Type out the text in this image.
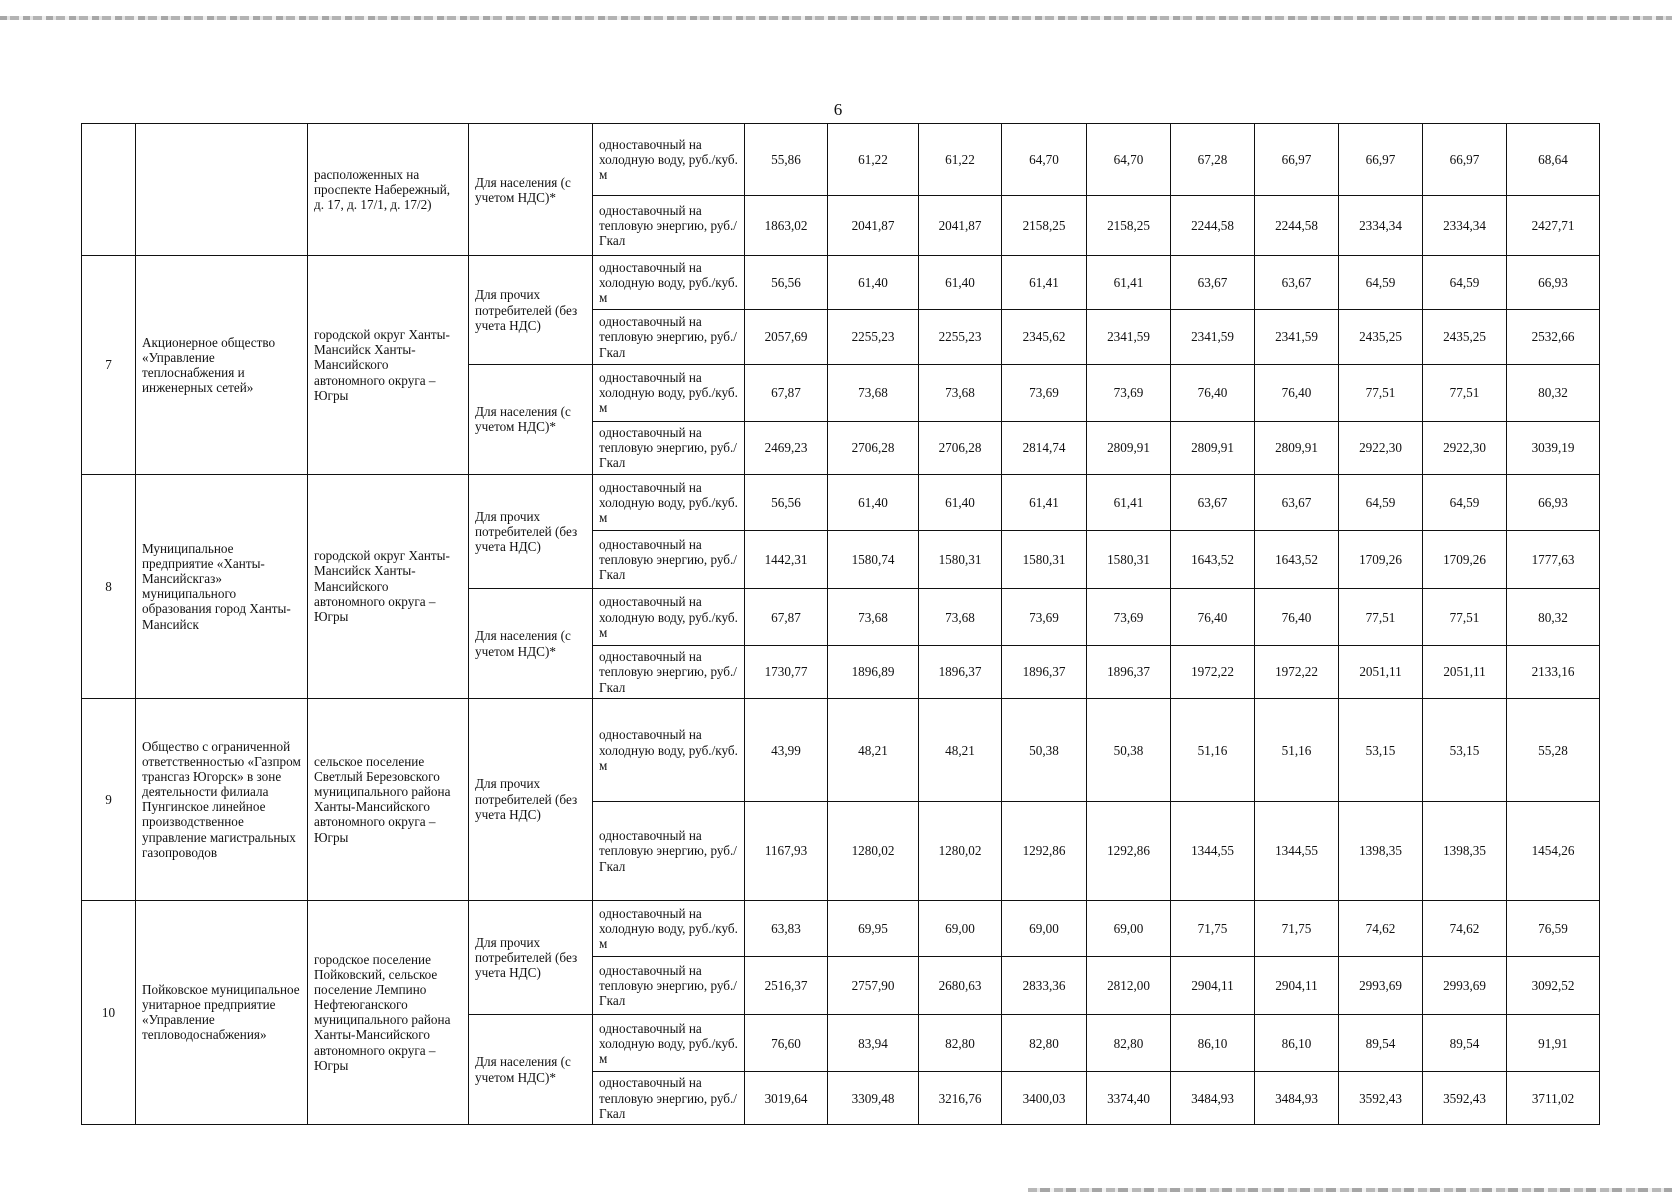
6
		расположенных на проспекте Набережный, д. 17, д. 17/1, д. 17/2)	Для населения (с учетом НДС)*	одноставочный на холодную воду, руб./куб. м	55,86	61,22	61,22	64,70	64,70	67,28	66,97	66,97	66,97	68,64
				одноставочный на тепловую энергию, руб./ Гкал	1863,02	2041,87	2041,87	2158,25	2158,25	2244,58	2244,58	2334,34	2334,34	2427,71
7	Акционерное общество «Управление теплоснабжения и инженерных сетей»	городской округ Ханты-Мансийск Ханты-Мансийского автономного округа – Югры	Для прочих потребителей (без учета НДС)	одноставочный на холодную воду, руб./куб. м	56,56	61,40	61,40	61,41	61,41	63,67	63,67	64,59	64,59	66,93
				одноставочный на тепловую энергию, руб./ Гкал	2057,69	2255,23	2255,23	2345,62	2341,59	2341,59	2341,59	2435,25	2435,25	2532,66
			Для населения (с учетом НДС)*	одноставочный на холодную воду, руб./куб. м	67,87	73,68	73,68	73,69	73,69	76,40	76,40	77,51	77,51	80,32
				одноставочный на тепловую энергию, руб./ Гкал	2469,23	2706,28	2706,28	2814,74	2809,91	2809,91	2809,91	2922,30	2922,30	3039,19
8	Муниципальное предприятие «Ханты-Мансийскгаз» муниципального образования город Ханты-Мансийск	городской округ Ханты-Мансийск Ханты-Мансийского автономного округа – Югры	Для прочих потребителей (без учета НДС)	одноставочный на холодную воду, руб./куб. м	56,56	61,40	61,40	61,41	61,41	63,67	63,67	64,59	64,59	66,93
				одноставочный на тепловую энергию, руб./ Гкал	1442,31	1580,74	1580,31	1580,31	1580,31	1643,52	1643,52	1709,26	1709,26	1777,63
			Для населения (с учетом НДС)*	одноставочный на холодную воду, руб./куб. м	67,87	73,68	73,68	73,69	73,69	76,40	76,40	77,51	77,51	80,32
				одноставочный на тепловую энергию, руб./ Гкал	1730,77	1896,89	1896,37	1896,37	1896,37	1972,22	1972,22	2051,11	2051,11	2133,16
9	Общество с ограниченной ответственностью «Газпром трансгаз Югорск» в зоне деятельности филиала Пунгинское линейное производственное управление магистральных газопроводов	сельское поселение Светлый Березовского муниципального района Ханты-Мансийского автономного округа – Югры	Для прочих потребителей (без учета НДС)	одноставочный на холодную воду, руб./куб. м	43,99	48,21	48,21	50,38	50,38	51,16	51,16	53,15	53,15	55,28
				одноставочный на тепловую энергию, руб./ Гкал	1167,93	1280,02	1280,02	1292,86	1292,86	1344,55	1344,55	1398,35	1398,35	1454,26
10	Пойковское муниципальное унитарное предприятие «Управление тепловодоснабжения»	городское поселение Пойковский, сельское поселение Лемпино Нефтеюганского муниципального района Ханты-Мансийского автономного округа – Югры	Для прочих потребителей (без учета НДС)	одноставочный на холодную воду, руб./куб. м	63,83	69,95	69,00	69,00	69,00	71,75	71,75	74,62	74,62	76,59
				одноставочный на тепловую энергию, руб./ Гкал	2516,37	2757,90	2680,63	2833,36	2812,00	2904,11	2904,11	2993,69	2993,69	3092,52
			Для населения (с учетом НДС)*	одноставочный на холодную воду, руб./куб. м	76,60	83,94	82,80	82,80	82,80	86,10	86,10	89,54	89,54	91,91
				одноставочный на тепловую энергию, руб./ Гкал	3019,64	3309,48	3216,76	3400,03	3374,40	3484,93	3484,93	3592,43	3592,43	3711,02
